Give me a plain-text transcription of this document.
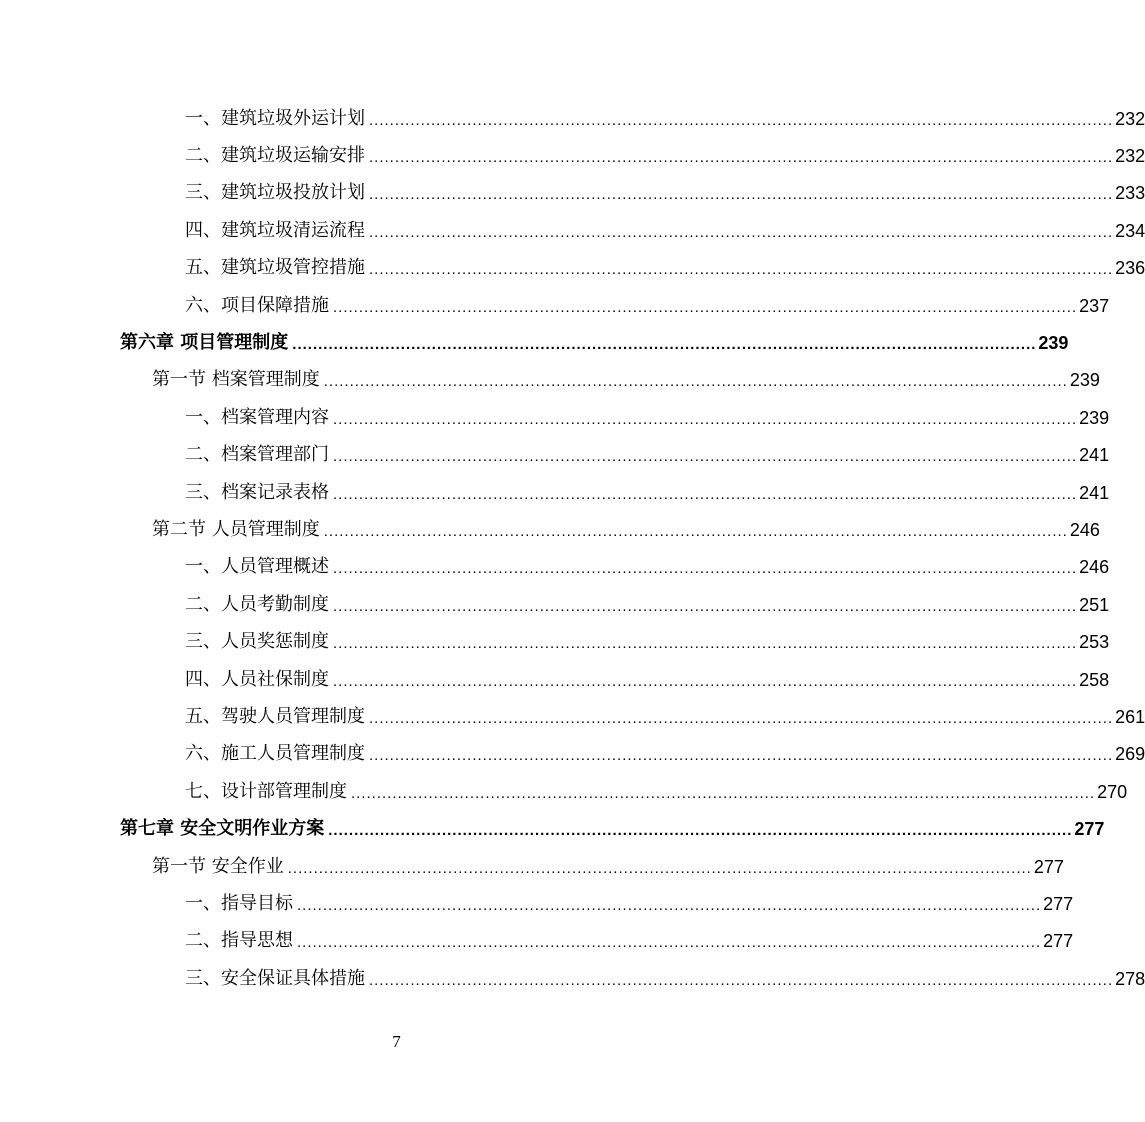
一、建筑垃圾外运计划 ................................................................................................................................................ 232
二、建筑垃圾运输安排 ................................................................................................................................................ 232
三、建筑垃圾投放计划 ................................................................................................................................................ 233
四、建筑垃圾清运流程 ................................................................................................................................................ 234
五、建筑垃圾管控措施 ................................................................................................................................................ 236
六、项目保障措施 ................................................................................................................................................ 237
第六章 项目管理制度 ................................................................................................................................................ 239
第一节 档案管理制度 ................................................................................................................................................ 239
一、档案管理内容 ................................................................................................................................................ 239
二、档案管理部门 ................................................................................................................................................ 241
三、档案记录表格 ................................................................................................................................................ 241
第二节 人员管理制度 ................................................................................................................................................ 246
一、人员管理概述 ................................................................................................................................................ 246
二、人员考勤制度 ................................................................................................................................................ 251
三、人员奖惩制度 ................................................................................................................................................ 253
四、人员社保制度 ................................................................................................................................................ 258
五、驾驶人员管理制度 ................................................................................................................................................ 261
六、施工人员管理制度 ................................................................................................................................................ 269
七、设计部管理制度 ................................................................................................................................................ 270
第七章 安全文明作业方案 ................................................................................................................................................ 277
第一节 安全作业 ................................................................................................................................................ 277
一、指导目标 ................................................................................................................................................ 277
二、指导思想 ................................................................................................................................................ 277
三、安全保证具体措施 ................................................................................................................................................ 278
7
